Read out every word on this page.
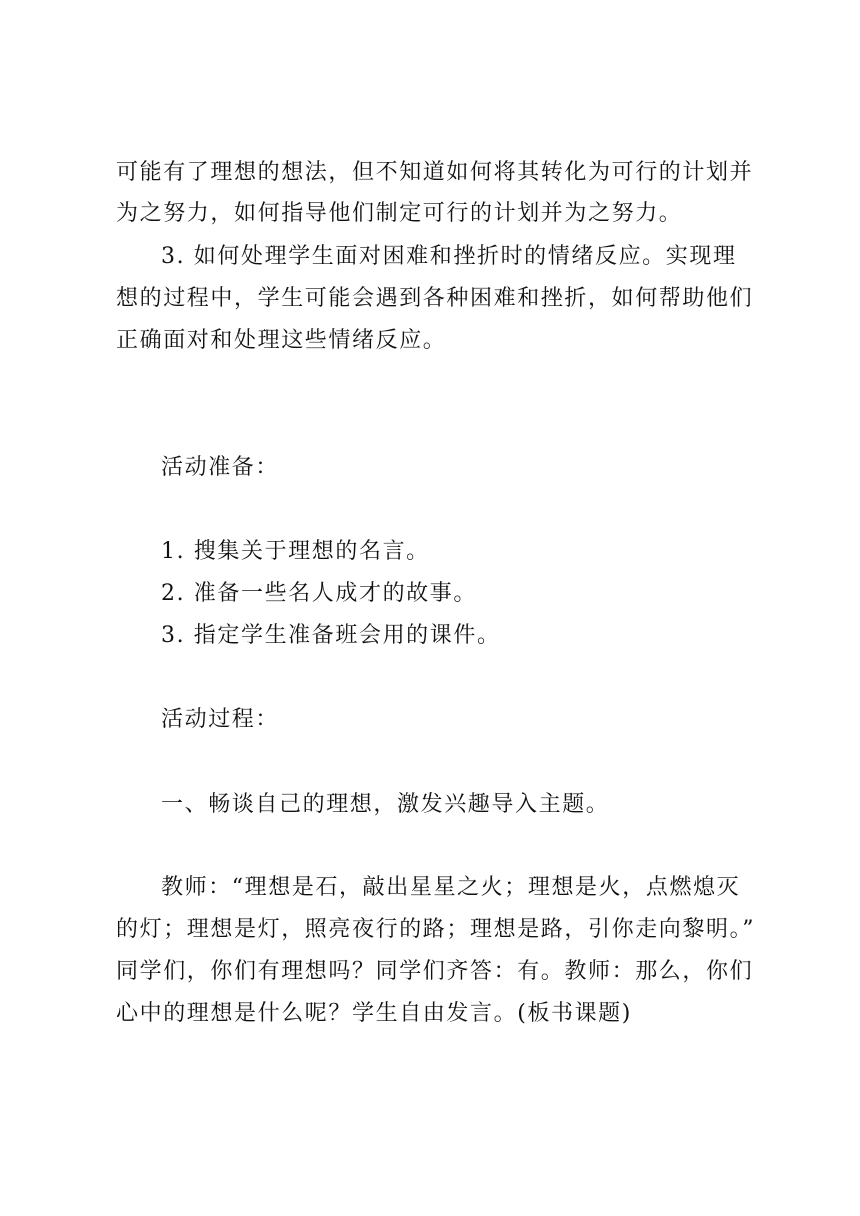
可能有了理想的想法，但不知道如何将其转化为可行的计划并
为之努力，如何指导他们制定可行的计划并为之努力。
3. 如何处理学生面对困难和挫折时的情绪反应。实现理
想的过程中，学生可能会遇到各种困难和挫折，如何帮助他们
正确面对和处理这些情绪反应。
活动准备：
1. 搜集关于理想的名言。
2. 准备一些名人成才的故事。
3. 指定学生准备班会用的课件。
活动过程：
一、畅谈自己的理想，激发兴趣导入主题。
教师：“理想是石，敲出星星之火；理想是火，点燃熄灭
的灯；理想是灯，照亮夜行的路；理想是路，引你走向黎明。”
同学们，你们有理想吗？同学们齐答：有。教师：那么，你们
心中的理想是什么呢？学生自由发言。(板书课题)
